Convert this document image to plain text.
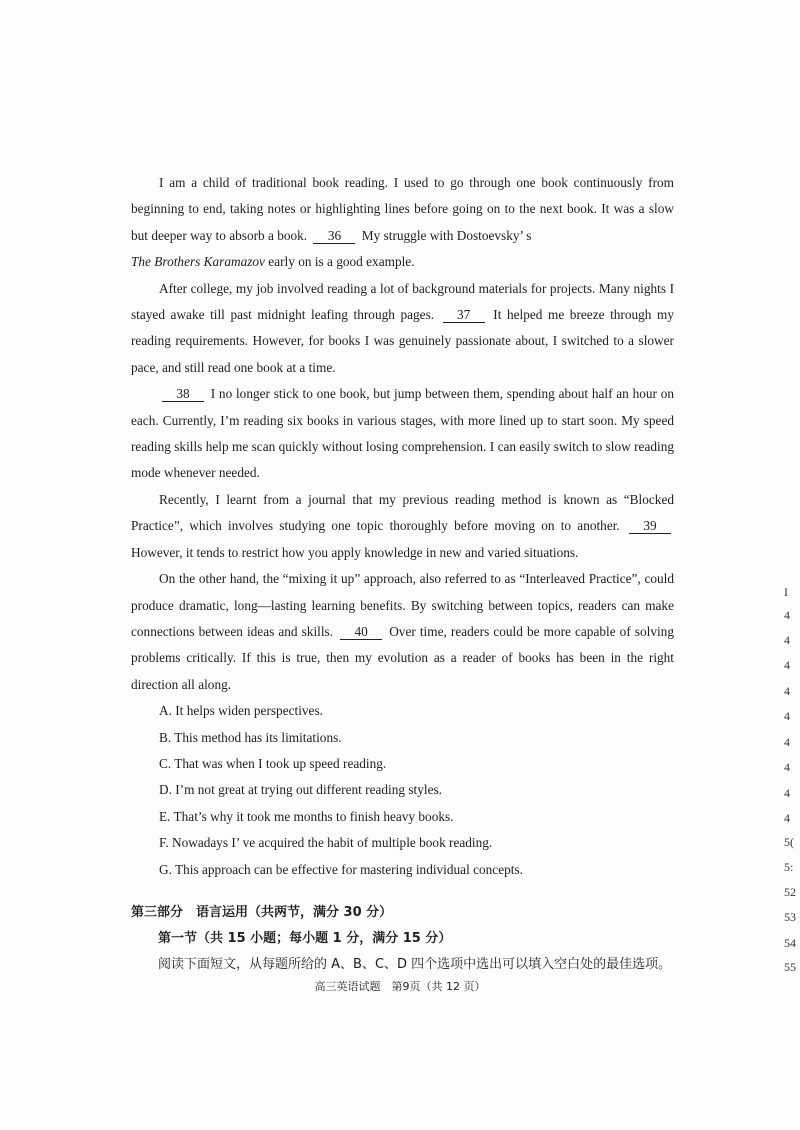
I am a child of traditional book reading. I used to go through one book continuously from beginning to end, taking notes or highlighting lines before going on to the next book. It was a slow but deeper way to absorb a book. 36 My struggle with Dostoevsky’ s
The Brothers Karamazov early on is a good example.

After college, my job involved reading a lot of background materials for projects. Many nights I stayed awake till past midnight leafing through pages. 37 It helped me breeze through my reading requirements. However, for books I was genuinely passionate about, I switched to a slower pace, and still read one book at a time.

38 I no longer stick to one book, but jump between them, spending about half an hour on each. Currently, I’m reading six books in various stages, with more lined up to start soon. My speed reading skills help me scan quickly without losing comprehension. I can easily switch to slow reading mode whenever needed.

Recently, I learnt from a journal that my previous reading method is known as “Blocked Practice”, which involves studying one topic thoroughly before moving on to another. 39 However, it tends to restrict how you apply knowledge in new and varied situations.

On the other hand, the “mixing it up” approach, also referred to as “Interleaved Practice”, could produce dramatic, long—lasting learning benefits. By switching between topics, readers can make connections between ideas and skills. 40 Over time, readers could be more capable of solving problems critically. If this is true, then my evolution as a reader of books has been in the right direction all along.

A. It helps widen perspectives.

B. This method has its limitations.

C. That was when I took up speed reading.

D. I’m not great at trying out different reading styles.

E. That’s why it took me months to finish heavy books.

F. Nowadays I’ ve acquired the habit of multiple book reading.

G. This approach can be effective for mastering individual concepts.

第三部分　语言运用（共两节，满分 30 分）
第一节（共 15 小题；每小题 1 分，满分 15 分）
阅读下面短文，从每题所给的 A、B、C、D 四个选项中选出可以填入空白处的最佳选项。
高三英语试题　第9页（共 12 页）
I
4
4
4
4
4
4
4
4
4
5(
5:
52
53
54
55
